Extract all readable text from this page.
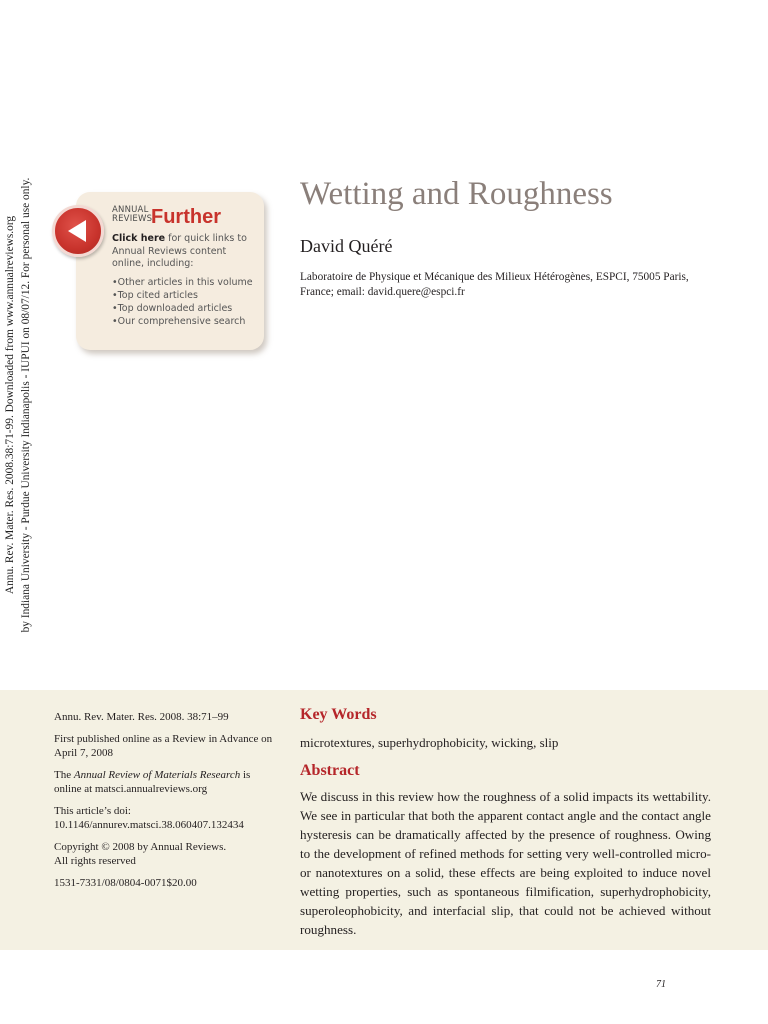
Annu. Rev. Mater. Res. 2008.38:71-99. Downloaded from www.annualreviews.org by Indiana University - Purdue University Indianapolis - IUPUI on 08/07/12. For personal use only.	ANNUAL
REVIEWS
Further
Click here for quick links to Annual Reviews content online, including:
• Other articles in this volume
• Top cited articles
• Top downloaded articles
• Our comprehensive search
Wetting and Roughness
David Quéré
Laboratoire de Physique et Mécanique des Milieux Hétérogènes, ESPCI, 75005 Paris, France; email: david.quere@espci.fr

Annu. Rev. Mater. Res. 2008. 38:71–99

First published online as a Review in Advance on April 7, 2008

The Annual Review of Materials Research is online at matsci.annualreviews.org

This article’s doi:
10.1146/annurev.matsci.38.060407.132434

Copyright © 2008 by Annual Reviews.
All rights reserved

1531-7331/08/0804-0071$20.00

Key Words
microtextures, superhydrophobicity, wicking, slip
Abstract
We discuss in this review how the roughness of a solid impacts its wettability. We see in particular that both the apparent contact angle and the contact angle hysteresis can be dramatically affected by the presence of roughness. Owing to the development of refined methods for setting very well-controlled micro- or nanotextures on a solid, these effects are being exploited to induce novel wetting properties, such as spontaneous filmification, superhydrophobicity, superoleophobicity, and interfacial slip, that could not be achieved without roughness.
71
